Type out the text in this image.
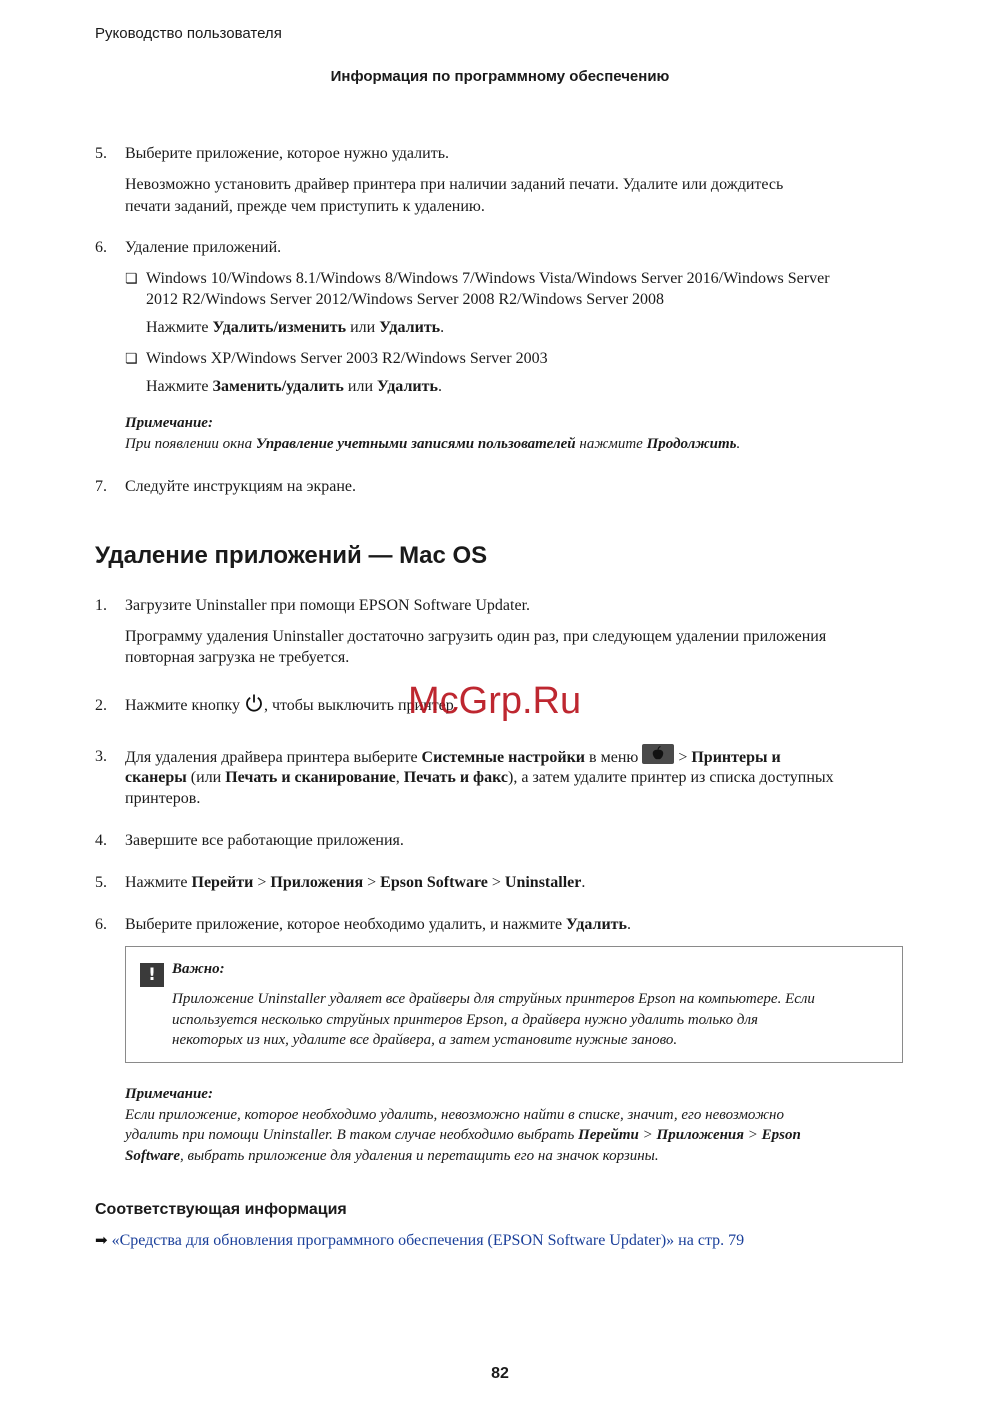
Руководство пользователя
Информация по программному обеспечению
5. Выберите приложение, которое нужно удалить.
Невозможно установить драйвер принтера при наличии заданий печати. Удалите или дождитесь
печати заданий, прежде чем приступить к удалению.
6. Удаление приложений.
❏ Windows 10/Windows 8.1/Windows 8/Windows 7/Windows Vista/Windows Server 2016/Windows Server
2012 R2/Windows Server 2012/Windows Server 2008 R2/Windows Server 2008
Нажмите Удалить/изменить или Удалить.
❏ Windows XP/Windows Server 2003 R2/Windows Server 2003
Нажмите Заменить/удалить или Удалить.
Примечание:
При появлении окна Управление учетными записями пользователей нажмите Продолжить.
7. Следуйте инструкциям на экране.
Удаление приложений — Mac OS
1. Загрузите Uninstaller при помощи EPSON Software Updater.
Программу удаления Uninstaller достаточно загрузить один раз, при следующем удалении приложения
повторная загрузка не требуется.
2. Нажмите кнопку , чтобы выключить принтер.
3. Для удаления драйвера принтера выберите Системные настройки в меню	> Принтеры и
сканеры (или Печать и сканирование, Печать и факс), а затем удалите принтер из списка доступных
принтеров.
4. Завершите все работающие приложения.
5. Нажмите Перейти > Приложения > Epson Software > Uninstaller.
6. Выберите приложение, которое необходимо удалить, и нажмите Удалить.
!	Важно:
Приложение Uninstaller удаляет все драйверы для струйных принтеров Epson на компьютере. Если
используется несколько струйных принтеров Epson, а драйвера нужно удалить только для
некоторых из них, удалите все драйвера, а затем установите нужные заново.
Примечание:
Если приложение, которое необходимо удалить, невозможно найти в списке, значит, его невозможно
удалить при помощи Uninstaller. В таком случае необходимо выбрать Перейти > Приложения > Epson
Software, выбрать приложение для удаления и перетащить его на значок корзины.
Соответствующая информация
➡ «Средства для обновления программного обеспечения (EPSON Software Updater)» на стр. 79
McGrp.Ru
82
